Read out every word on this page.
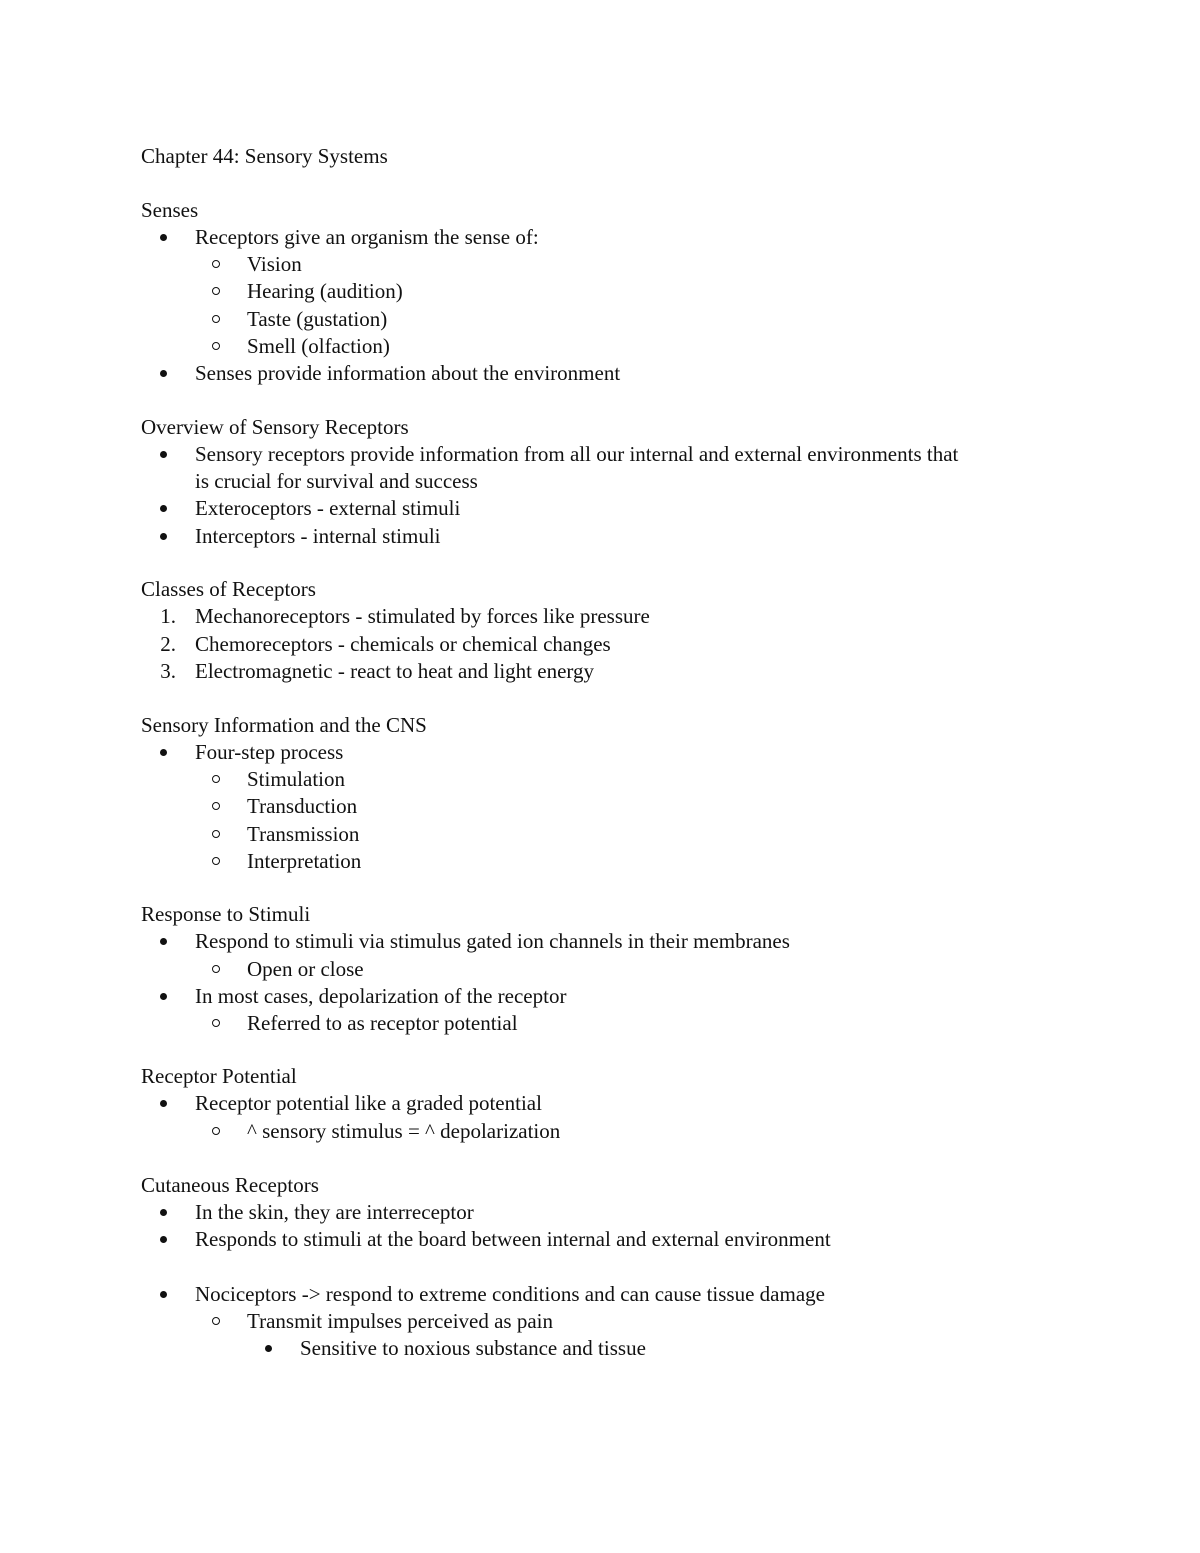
Chapter 44: Sensory Systems
Senses
Receptors give an organism the sense of:
Vision
Hearing (audition)
Taste (gustation)
Smell (olfaction)
Senses provide information about the environment
Overview of Sensory Receptors
Sensory receptors provide information from all our internal and external environments that
is crucial for survival and success
Exteroceptors - external stimuli
Interceptors - internal stimuli
Classes of Receptors
1. Mechanoreceptors - stimulated by forces like pressure
2. Chemoreceptors - chemicals or chemical changes
3. Electromagnetic - react to heat and light energy
Sensory Information and the CNS
Four-step process
Stimulation
Transduction
Transmission
Interpretation
Response to Stimuli
Respond to stimuli via stimulus gated ion channels in their membranes
Open or close
In most cases, depolarization of the receptor
Referred to as receptor potential
Receptor Potential
Receptor potential like a graded potential
^ sensory stimulus = ^ depolarization
Cutaneous Receptors
In the skin, they are interreceptor
Responds to stimuli at the board between internal and external environment
Nociceptors -> respond to extreme conditions and can cause tissue damage
Transmit impulses perceived as pain
Sensitive to noxious substance and tissue
